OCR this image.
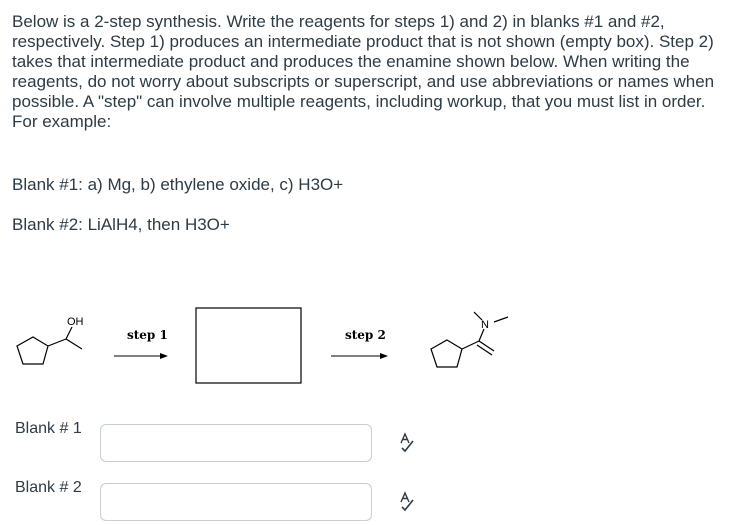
Below is a 2-step synthesis. Write the reagents for steps 1) and 2) in blanks #1 and #2, respectively. Step 1) produces an intermediate product that is not shown (empty box). Step 2) takes that intermediate product and produces the enamine shown below. When writing the reagents, do not worry about subscripts or superscript, and use abbreviations or names when possible. A "step" can involve multiple reagents, including workup, that you must list in order. For example:

Blank #1: a) Mg, b) ethylene oxide, c) H3O+

Blank #2: LiAlH4, then H3O+

OH
step 1	step 2
N
Blank # 1
Blank # 2
